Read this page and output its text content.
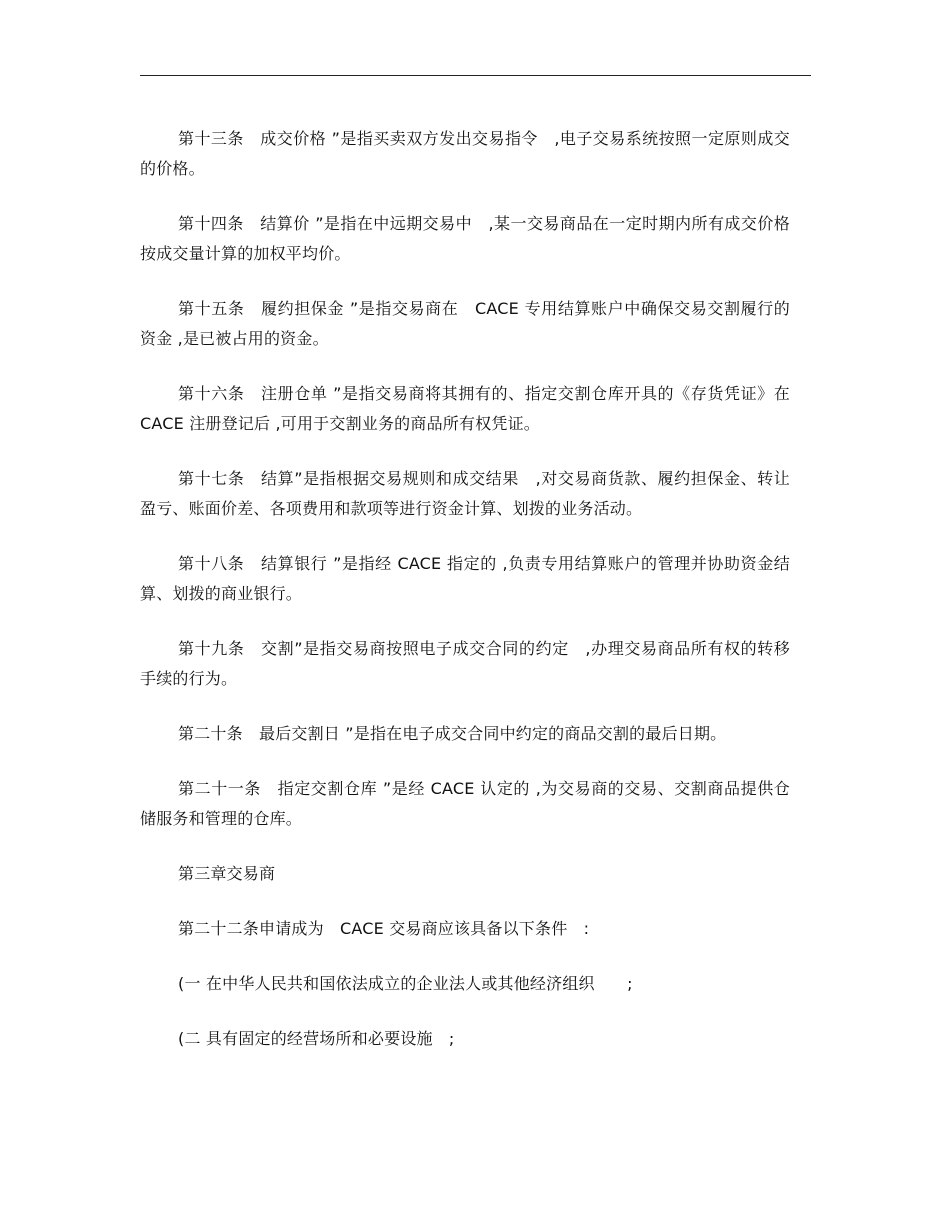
第十三条　成交价格 ”是指买卖双方发出交易指令　,电子交易系统按照一定原则成交的价格。

第十四条　结算价 ”是指在中远期交易中　,某一交易商品在一定时期内所有成交价格按成交量计算的加权平均价。

第十五条　履约担保金 ”是指交易商在　CACE 专用结算账户中确保交易交割履行的资金 ,是已被占用的资金。

第十六条　注册仓单 ”是指交易商将其拥有的、指定交割仓库开具的《存货凭证》在 CACE 注册登记后 ,可用于交割业务的商品所有权凭证。

第十七条　结算”是指根据交易规则和成交结果　,对交易商货款、履约担保金、转让盈亏、账面价差、各项费用和款项等进行资金计算、划拨的业务活动。

第十八条　结算银行 ”是指经 CACE 指定的 ,负责专用结算账户的管理并协助资金结算、划拨的商业银行。

第十九条　交割”是指交易商按照电子成交合同的约定　,办理交易商品所有权的转移手续的行为。

第二十条　最后交割日 ”是指在电子成交合同中约定的商品交割的最后日期。

第二十一条　指定交割仓库 ”是经 CACE 认定的 ,为交易商的交易、交割商品提供仓储服务和管理的仓库。

第三章交易商

第二十二条申请成为　CACE 交易商应该具备以下条件　:

(一 在中华人民共和国依法成立的企业法人或其他经济组织　　;

(二 具有固定的经营场所和必要设施　;
